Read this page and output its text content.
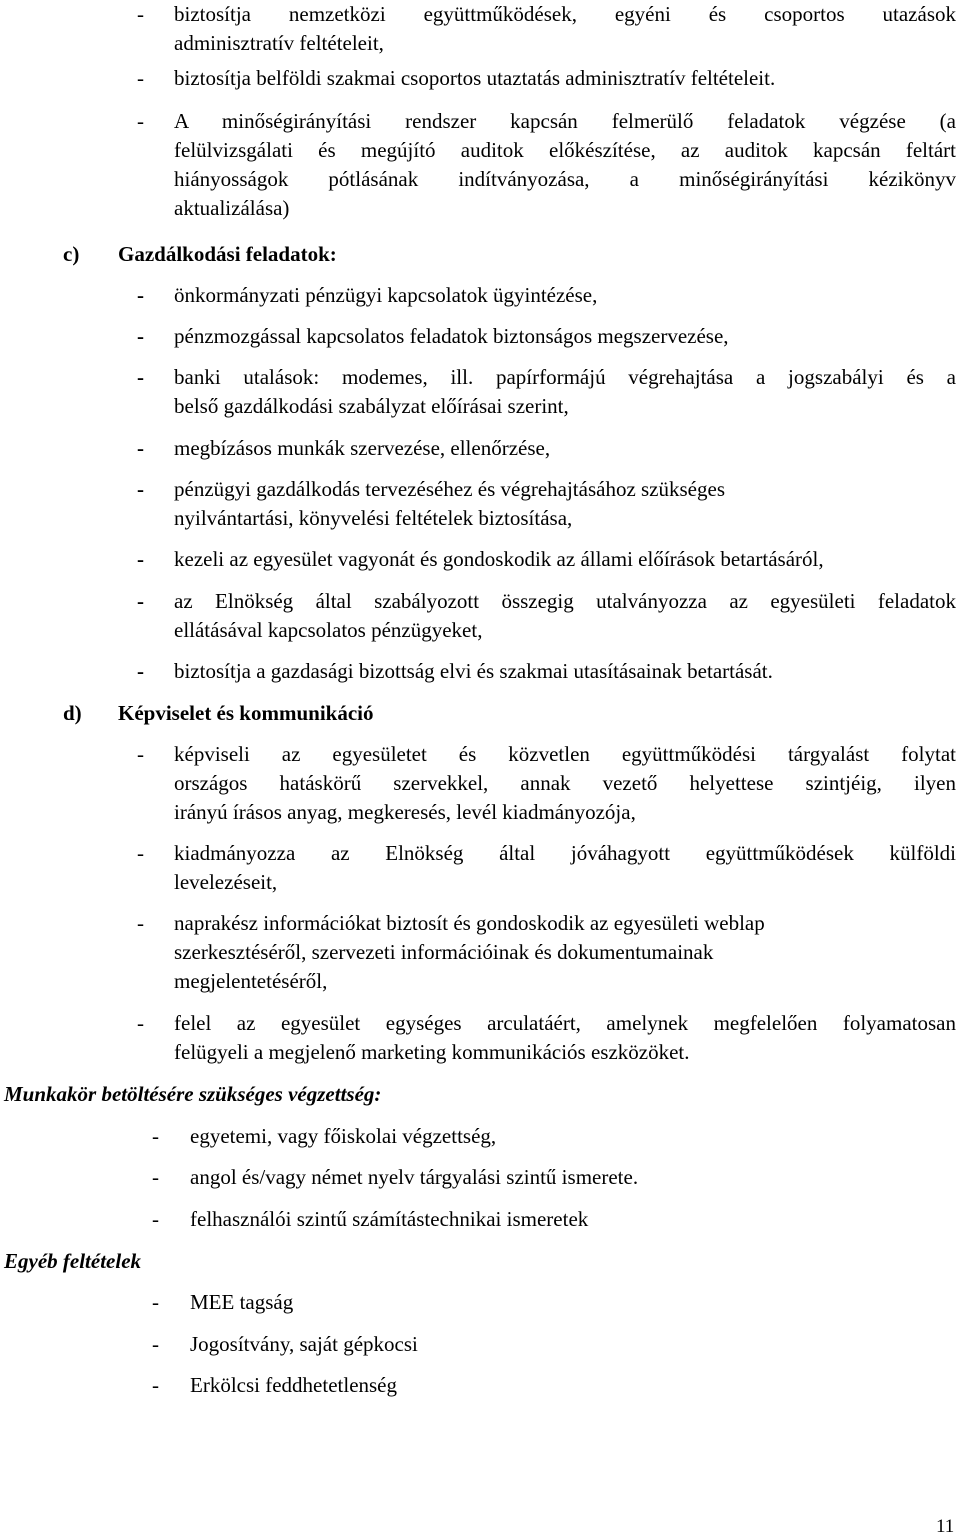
- biztosítja nemzetközi együttműködések, egyéni és csoportos utazások
adminisztratív feltételeit,
- biztosítja belföldi szakmai csoportos utaztatás adminisztratív feltételeit.
- A minőségirányítási rendszer kapcsán felmerülő feladatok végzése (a
felülvizsgálati és megújító auditok előkészítése, az auditok kapcsán feltárt
hiányosságok pótlásának indítványozása, a minőségirányítási kézikönyv
aktualizálása)
c) Gazdálkodási feladatok:
- önkormányzati pénzügyi kapcsolatok ügyintézése,
- pénzmozgással kapcsolatos feladatok biztonságos megszervezése,
- banki utalások: modemes, ill. papírformájú végrehajtása a jogszabályi és a
belső gazdálkodási szabályzat előírásai szerint,
- megbízásos munkák szervezése, ellenőrzése,
- pénzügyi gazdálkodás tervezéséhez és végrehajtásához szükséges
nyilvántartási, könyvelési feltételek biztosítása,
- kezeli az egyesület vagyonát és gondoskodik az állami előírások betartásáról,
- az Elnökség által szabályozott összegig utalványozza az egyesületi feladatok
ellátásával kapcsolatos pénzügyeket,
- biztosítja a gazdasági bizottság elvi és szakmai utasításainak betartását.
d) Képviselet és kommunikáció
- képviseli az egyesületet és közvetlen együttműködési tárgyalást folytat
országos hatáskörű szervekkel, annak vezető helyettese szintjéig, ilyen
irányú írásos anyag, megkeresés, levél kiadmányozója,
- kiadmányozza az Elnökség által jóváhagyott együttműködések külföldi
levelezéseit,
- naprakész információkat biztosít és gondoskodik az egyesületi weblap
szerkesztéséről, szervezeti információinak és dokumentumainak
megjelentetéséről,
- felel az egyesület egységes arculatáért, amelynek megfelelően folyamatosan
felügyeli a megjelenő marketing kommunikációs eszközöket.
Munkakör betöltésére szükséges végzettség:
- egyetemi, vagy főiskolai végzettség,
- angol és/vagy német nyelv tárgyalási szintű ismerete.
- felhasználói szintű számítástechnikai ismeretek
Egyéb feltételek
- MEE tagság
- Jogosítvány, saját gépkocsi
- Erkölcsi feddhetetlenség
11
